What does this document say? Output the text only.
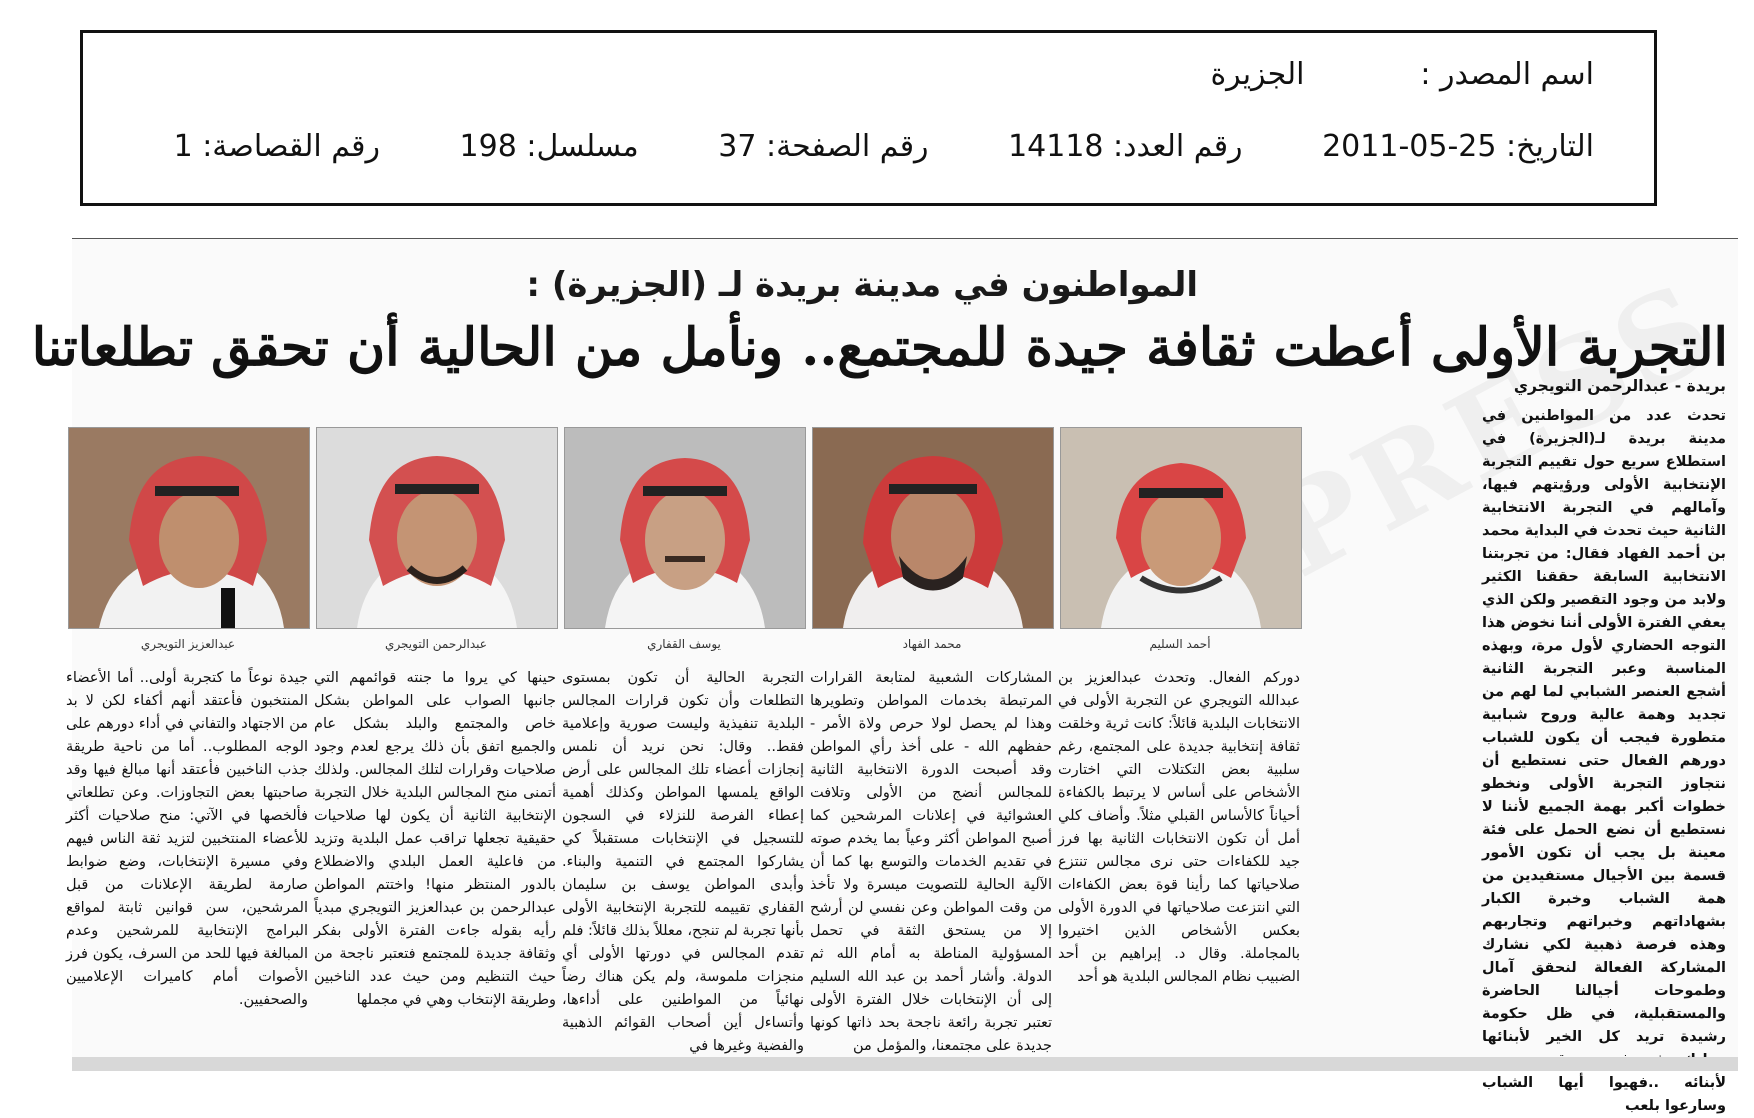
اسم المصدر : الجزيرة
التاريخ: 25-05-2011 رقم العدد: 14118 رقم الصفحة: 37 مسلسل: 198 رقم القصاصة: 1
المواطنون في مدينة بريدة لـ (الجزيرة) :
التجربة الأولى أعطت ثقافة جيدة للمجتمع.. ونأمل من الحالية أن تحقق تطلعاتنا
بريدة - عبدالرحمن التويجري
تحدث عدد من المواطنين في مدينة بريدة لـ(الجزيرة) في استطلاع سريع حول تقييم التجربة الإنتخابية الأولى ورؤيتهم فيها، وآمالهم في التجربة الانتخابية الثانية حيث تحدث في البداية محمد بن أحمد الفهاد فقال: من تجربتنا الانتخابية السابقة حققنا الكثير ولابد من وجود التقصير ولكن الذي يعفي الفترة الأولى أننا نخوض هذا التوجه الحضاري لأول مرة، وبهذه المناسبة وعبر التجربة الثانية أشجع العنصر الشبابي لما لهم من تجديد وهمة عالية وروح شبابية متطورة فيجب أن يكون للشباب دورهم الفعال حتى نستطيع أن نتجاوز التجربة الأولى ونخطو خطوات أكبر بهمة الجميع لأننا لا نستطيع أن نضع الحمل على فئة معينة بل يجب أن تكون الأمور قسمة بين الأجيال مستفيدين من همة الشباب وخبرة الكبار بشهاداتهم وخبراتهم وتجاربهم وهذه فرصة ذهبية لكي نشارك المشاركة الفعالة لنحقق آمال وطموحات أجيالنا الحاضرة والمستقبلية، في ظل حكومة رشيدة تريد كل الخير لأبنائها لأبنائه ..فهيوا أيها الشباب وسارعوا بلعب
أحمد السليم
دوركم الفعال. وتحدث عبدالعزيز بن عبدالله التويجري عن التجربة الأولى في الانتخابات البلدية قائلاً: كانت ثرية وخلقت ثقافة إنتخابية جديدة على المجتمع، رغم سلبية بعض التكتلات التي اختارت الأشخاص على أساس لا يرتبط بالكفاءة أحياناً كالأساس القبلي مثلاً. وأضاف كلي أمل أن تكون الانتخابات الثانية بها فرز جيد للكفاءات حتى نرى مجالس تنتزع صلاحياتها كما رأينا قوة بعض الكفاءات التي انتزعت صلاحياتها في الدورة الأولى بعكس الأشخاص الذين اختيروا بالمجاملة. وقال د. إبراهيم بن أحد الضبيب نظام المجالس البلدية هو أحد
محمد الفهاد
المشاركات الشعبية لمتابعة القرارات المرتبطة بخدمات المواطن وتطويرها وهذا لم يحصل لولا حرص ولاة الأمر - حفظهم الله - على أخذ رأي المواطن وقد أصبحت الدورة الانتخابية الثانية للمجالس أنضج من الأولى وتلافت العشوائية في إعلانات المرشحين كما أصبح المواطن أكثر وعياً بما يخدم صوته في تقديم الخدمات والتوسع بها كما أن الآلية الحالية للتصويت ميسرة ولا تأخذ من وقت المواطن وعن نفسي لن أرشح إلا من يستحق الثقة في تحمل المسؤولية المناطة به أمام الله ثم الدولة. وأشار أحمد بن عبد الله السليم إلى أن الإنتخابات خلال الفترة الأولى تعتبر تجربة رائعة ناجحة بحد ذاتها كونها جديدة على مجتمعنا، والمؤمل من
يوسف القفاري
التجربة الحالية أن تكون بمستوى التطلعات وأن تكون قرارات المجالس البلدية تنفيذية وليست صورية وإعلامية فقط.. وقال: نحن نريد أن نلمس إنجازات أعضاء تلك المجالس على أرض الواقع يلمسها المواطن وكذلك أهمية إعطاء الفرصة للنزلاء في السجون للتسجيل في الإنتخابات مستقبلاً كي يشاركوا المجتمع في التنمية والبناء. وأبدى المواطن يوسف بن سليمان القفاري تقييمه للتجربة الإنتخابية الأولى بأنها تجربة لم تنجح، معللاً بذلك قائلاً: فلم تقدم المجالس في دورتها الأولى أي منجزات ملموسة، ولم يكن هناك رضاً نهائياً من المواطنين على أداءها، وأتساءل أين أصحاب القوائم الذهبية والفضية وغيرها في
عبدالرحمن التويجري
حينها كي يروا ما جنته قوائمهم التي جانبها الصواب على المواطن بشكل خاص والمجتمع والبلد بشكل عام والجميع اتفق بأن ذلك يرجع لعدم وجود صلاحيات وقرارات لتلك المجالس. ولذلك أتمنى منح المجالس البلدية خلال التجربة الإنتخابية الثانية أن يكون لها صلاحيات حقيقية تجعلها تراقب عمل البلدية وتزيد من فاعلية العمل البلدي والاضطلاع بالدور المنتظر منها! واختتم المواطن عبدالرحمن بن عبدالعزيز التويجري مبدياً رأيه بقوله جاءت الفترة الأولى بفكر وثقافة جديدة للمجتمع فتعتبر ناجحة من حيث التنظيم ومن حيث عدد الناخبين وطريقة الإنتخاب وهي في مجملها
عبدالعزيز التويجري
جيدة نوعاً ما كتجربة أولى.. أما الأعضاء المنتخبون فأعتقد أنهم أكفاء لكن لا بد من الاجتهاد والتفاني في أداء دورهم على الوجه المطلوب.. أما من ناحية طريقة جذب الناخبين فأعتقد أنها مبالغ فيها وقد صاحبتها بعض التجاوزات. وعن تطلعاتي فألخصها في الآتي: منح صلاحيات أكثر للأعضاء المنتخبين لتزيد ثقة الناس فيهم وفي مسيرة الإنتخابات، وضع ضوابط صارمة لطريقة الإعلانات من قبل المرشحين، سن قوانين ثابتة لمواقع البرامج الإنتخابية للمرشحين وعدم المبالغة فيها للحد من السرف، يكون فرز الأصوات أمام كاميرات الإعلاميين والصحفيين.
